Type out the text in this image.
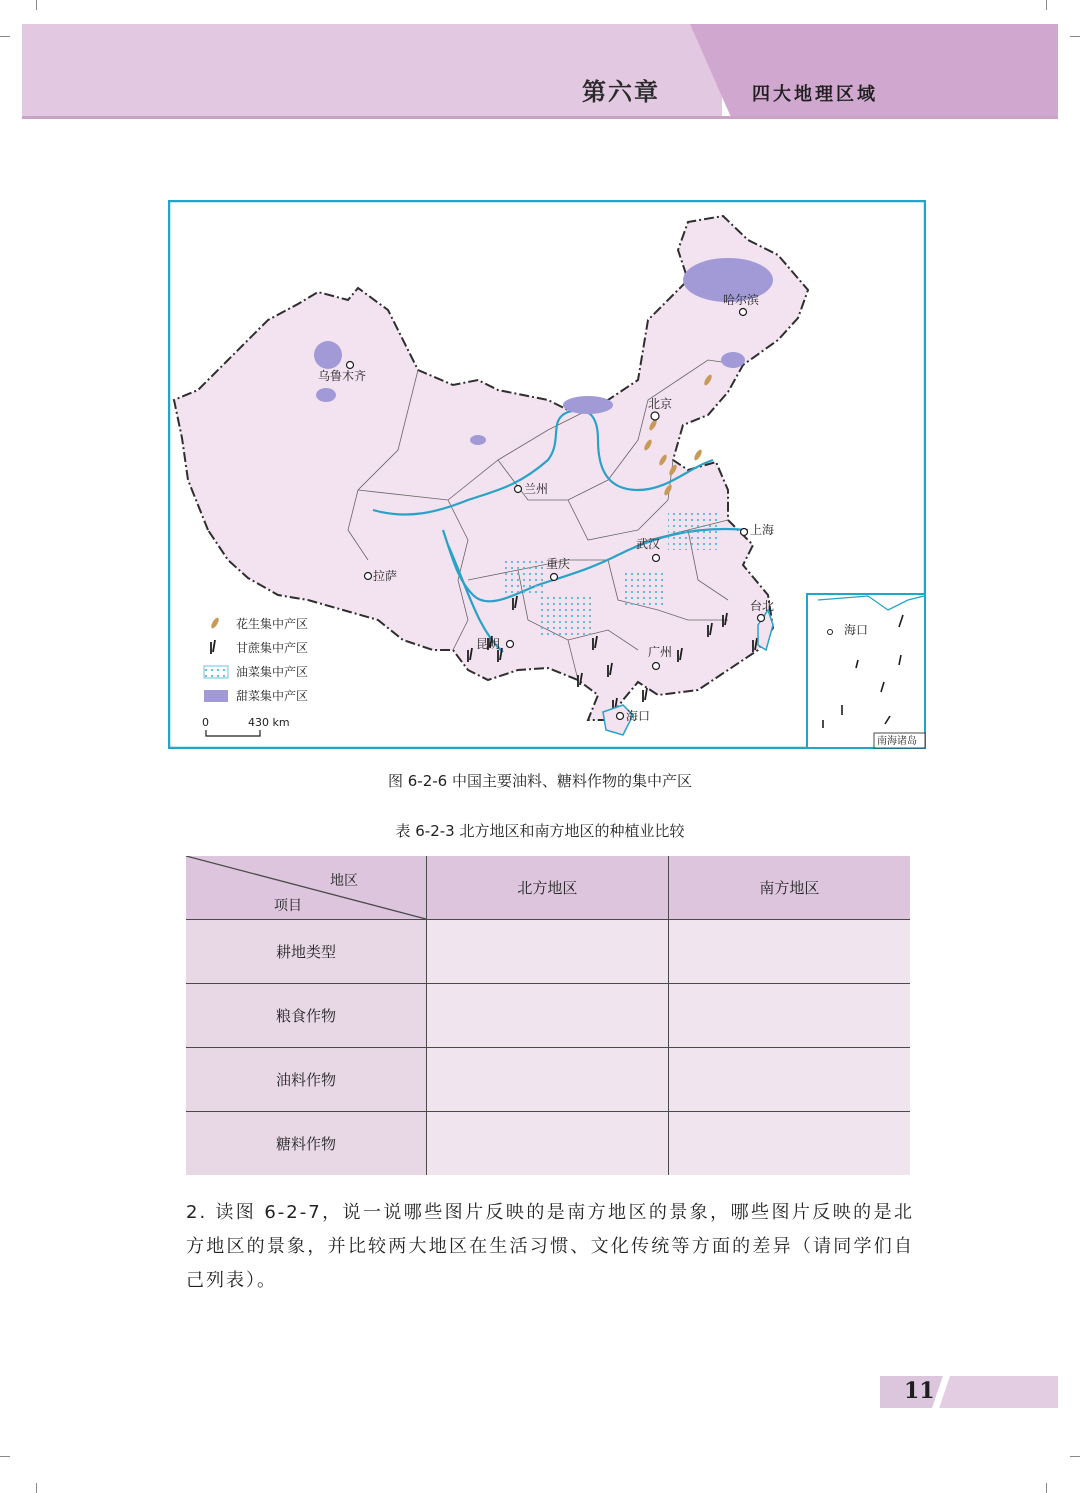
第六章	四大地理区域
哈尔滨
乌鲁木齐
北京
兰州
上海
武汉
重庆
拉萨
台北
昆明
广州
海口
海口
南海诸岛
花生集中产区
甘蔗集中产区
油菜集中产区
甜菜集中产区
0	430 km
图 6-2-6 中国主要油料、糖料作物的集中产区
表 6-2-3 北方地区和南方地区的种植业比较
地区
项目	北方地区	南方地区
耕地类型		
粮食作物		
油料作物		
糖料作物		
2. 读图 6-2-7，说一说哪些图片反映的是南方地区的景象，哪些图片反映的是北方地区的景象，并比较两大地区在生活习惯、文化传统等方面的差异（请同学们自己列表）。
11
